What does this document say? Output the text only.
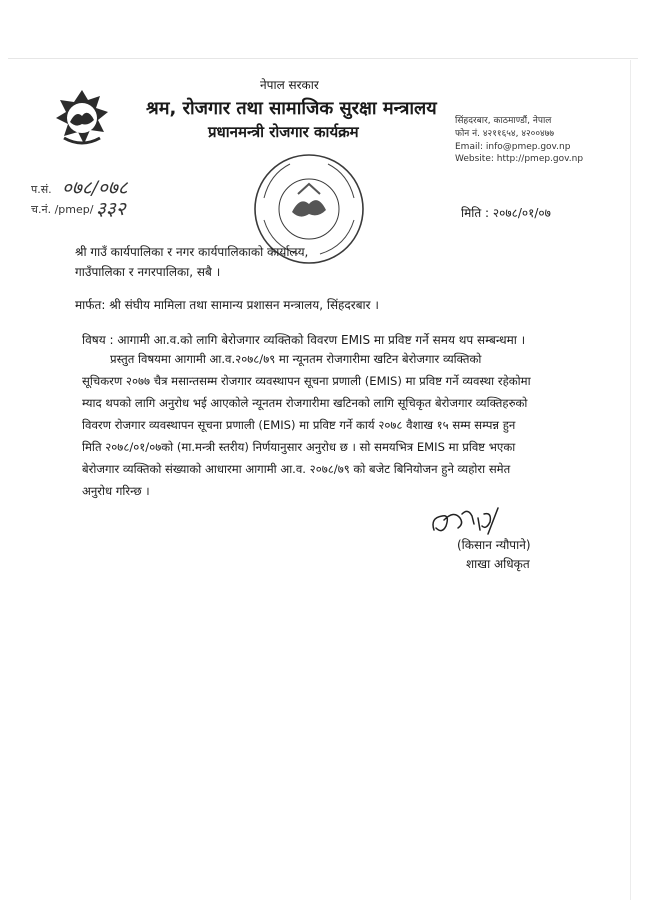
नेपाल सरकार
श्रम, रोजगार तथा सामाजिक सुरक्षा मन्त्रालय
प्रधानमन्त्री रोजगार कार्यक्रम
सिंहदरबार, काठमाण्डौं, नेपाल
फोन नं. ४२११६५४, ४२००४७७
Email: info@pmep.gov.np
Website: http://pmep.gov.np
प.सं. ०७८/०७८
च.नं. /pmep/ ३३२	मिति : २०७८/०१/०७
श्री गाउँ कार्यपालिका र नगर कार्यपालिकाको कार्यालय,
गाउँपालिका र नगरपालिका, सबै ।
मार्फत: श्री संघीय मामिला तथा सामान्य प्रशासन मन्त्रालय, सिंहदरबार ।
विषय : आगामी आ.व.को लागि बेरोजगार व्यक्तिको विवरण EMIS मा प्रविष्ट गर्ने समय थप सम्बन्धमा ।
प्रस्तुत विषयमा आगामी आ.व.२०७८/७९ मा न्यूनतम रोजगारीमा खटिन बेरोजगार व्यक्तिको
सूचिकरण २०७७ चैत्र मसान्तसम्म रोजगार व्यवस्थापन सूचना प्रणाली (EMIS) मा प्रविष्ट गर्ने व्यवस्था रहेकोमा
म्याद थपको लागि अनुरोध भई आएकोले न्यूनतम रोजगारीमा खटिनको लागि सूचिकृत बेरोजगार व्यक्तिहरुको
विवरण रोजगार व्यवस्थापन सूचना प्रणाली (EMIS) मा प्रविष्ट गर्ने कार्य २०७८ वैशाख १५ सम्म सम्पन्न हुन
मिति २०७८/०१/०७को (मा.मन्त्री स्तरीय) निर्णयानुसार अनुरोध छ । सो समयभित्र EMIS मा प्रविष्ट भएका
बेरोजगार व्यक्तिको संख्याको आधारमा आगामी आ.व. २०७८/७९ को बजेट बिनियोजन हुने व्यहोरा समेत
अनुरोध गरिन्छ ।
(किसान न्यौपाने)
शाखा अधिकृत
